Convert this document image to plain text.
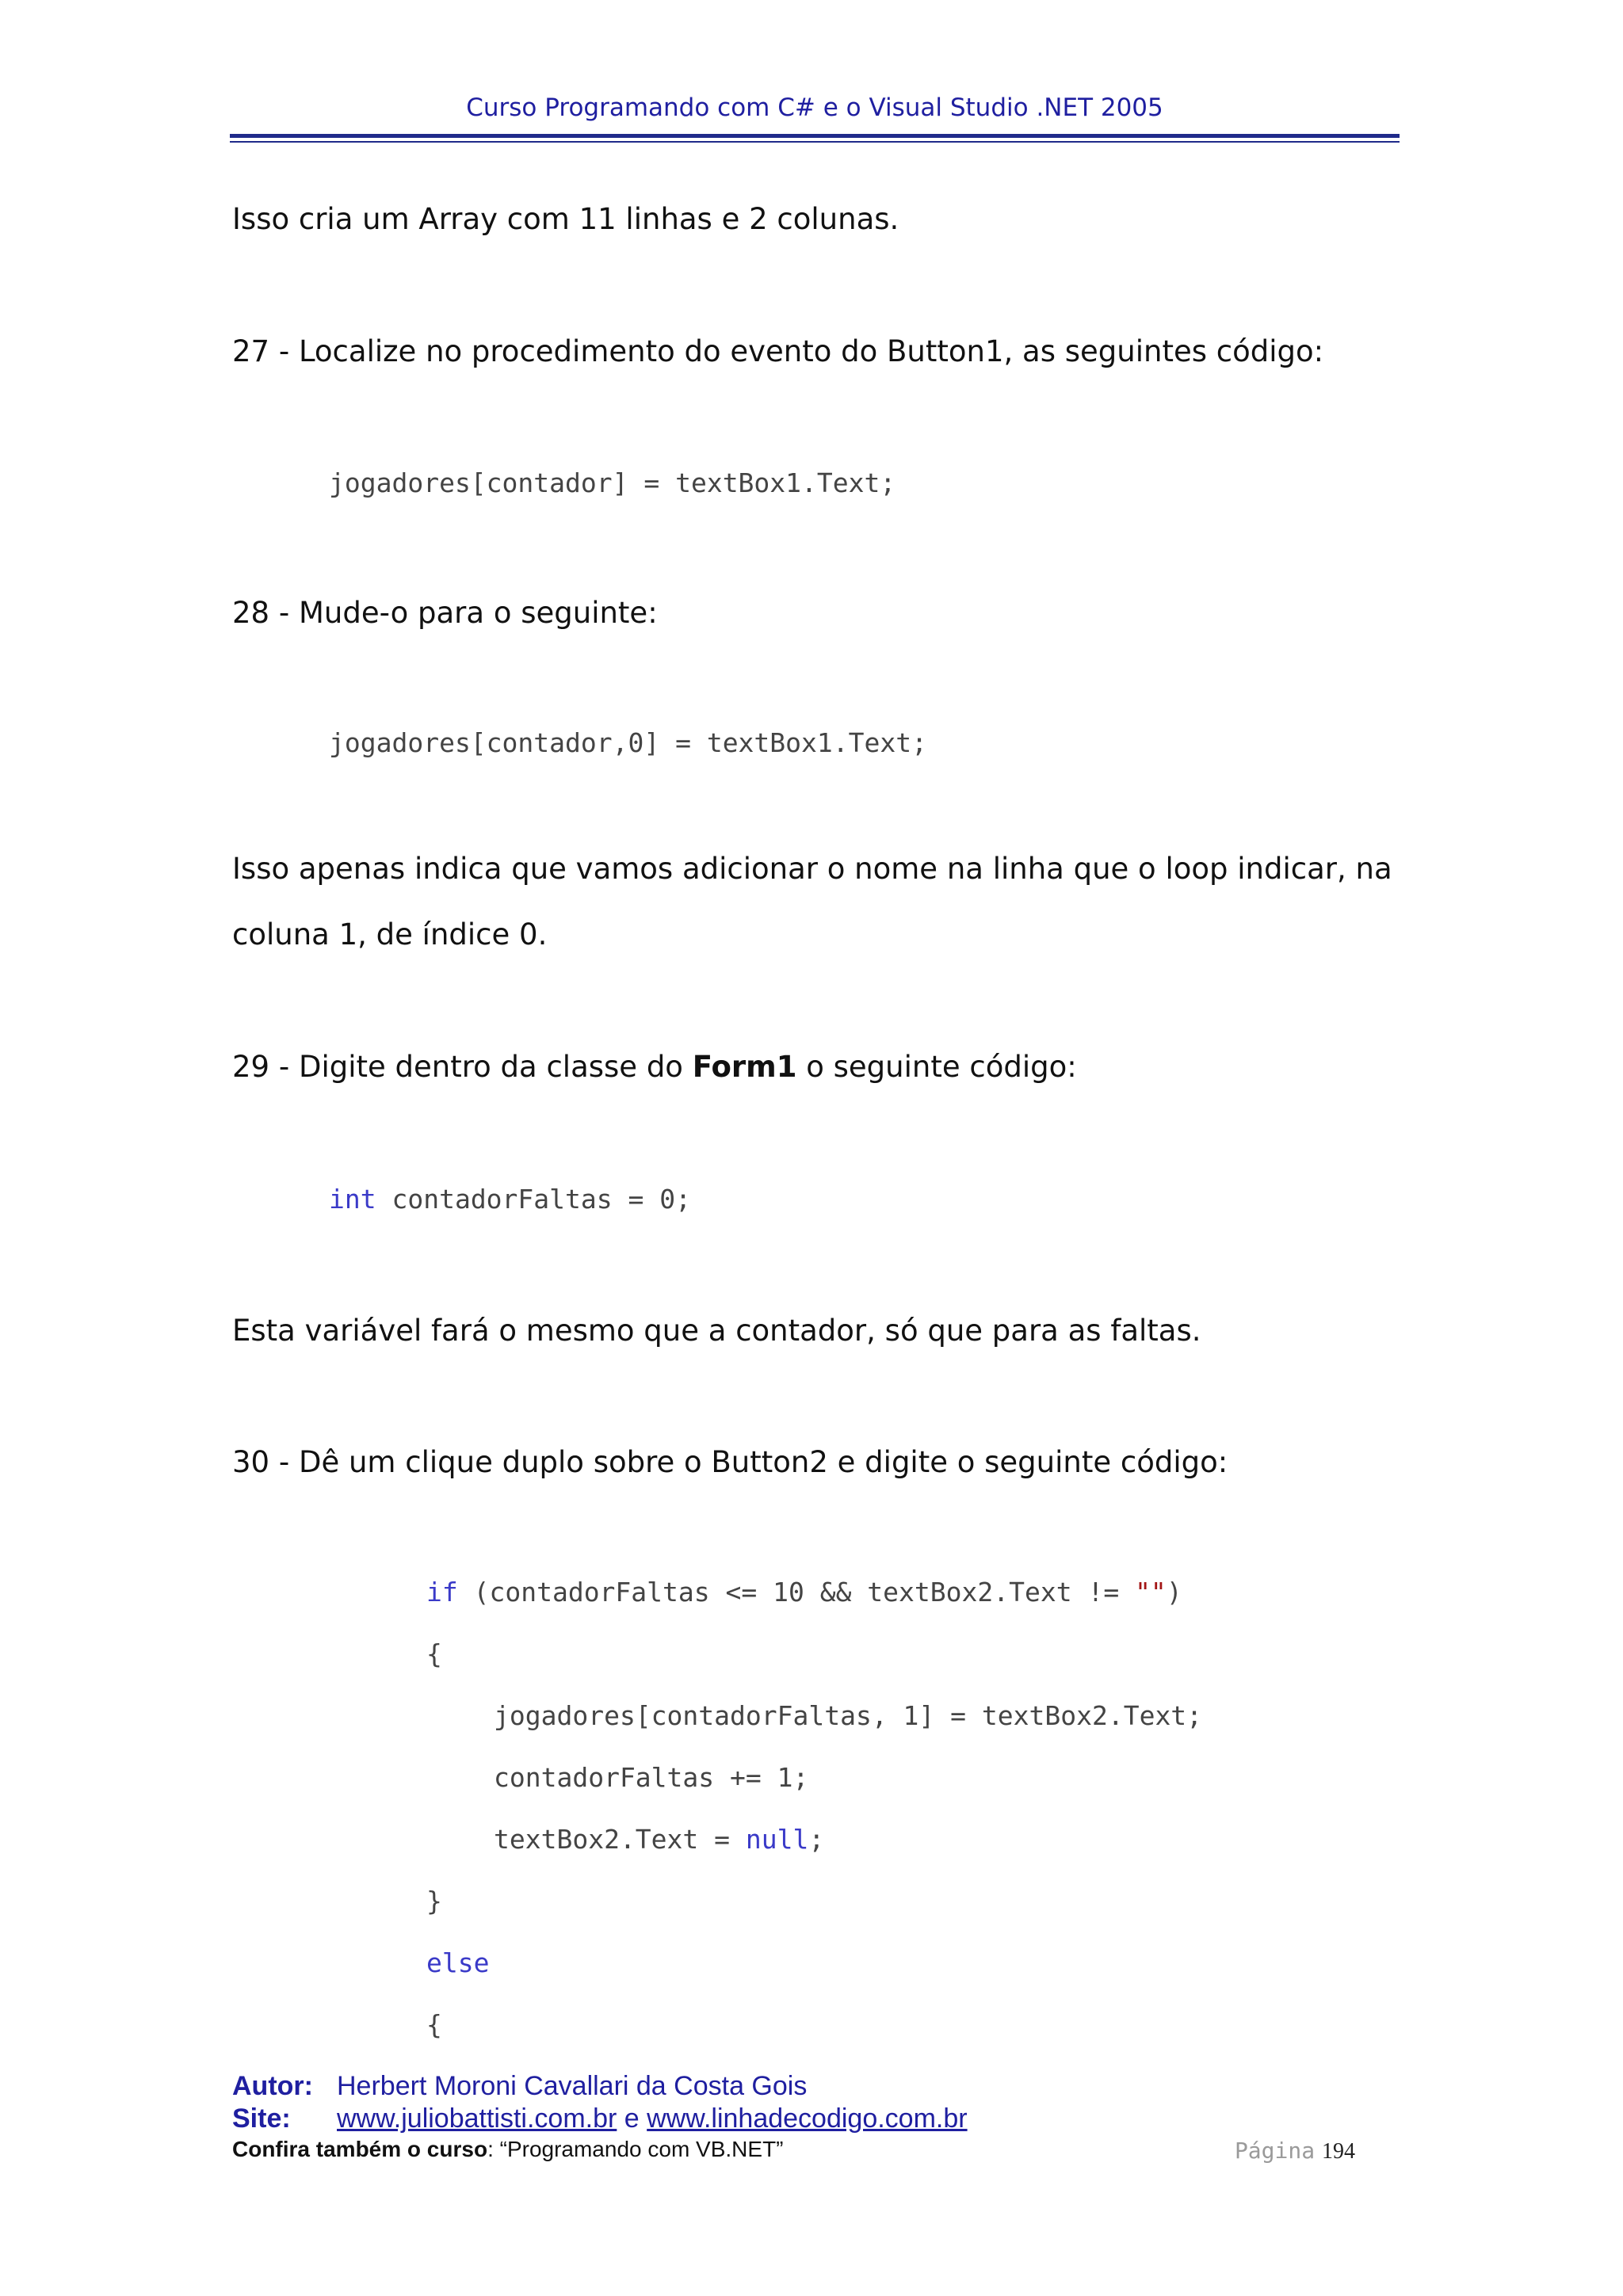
Curso Programando com C# e o Visual Studio .NET 2005
Isso cria um Array com 11 linhas e 2 colunas.
27 - Localize no procedimento do evento do Button1, as seguintes código:
jogadores[contador] = textBox1.Text;
28 - Mude-o para o seguinte:
jogadores[contador,0] = textBox1.Text;
Isso apenas indica que vamos adicionar o nome na linha que o loop indicar, na
coluna 1, de índice 0.
29 - Digite dentro da classe do Form1 o seguinte código:
int contadorFaltas = 0;
Esta variável fará o mesmo que a contador, só que para as faltas.
30 - Dê um clique duplo sobre o Button2 e digite o seguinte código:
if (contadorFaltas <= 10 && textBox2.Text != "")
{
jogadores[contadorFaltas, 1] = textBox2.Text;
contadorFaltas += 1;
textBox2.Text = null;
}
else
{
Autor: Herbert Moroni Cavallari da Costa Gois
Site: www.juliobattisti.com.br e www.linhadecodigo.com.br
Confira também o curso: “Programando com VB.NET”	Página 194
